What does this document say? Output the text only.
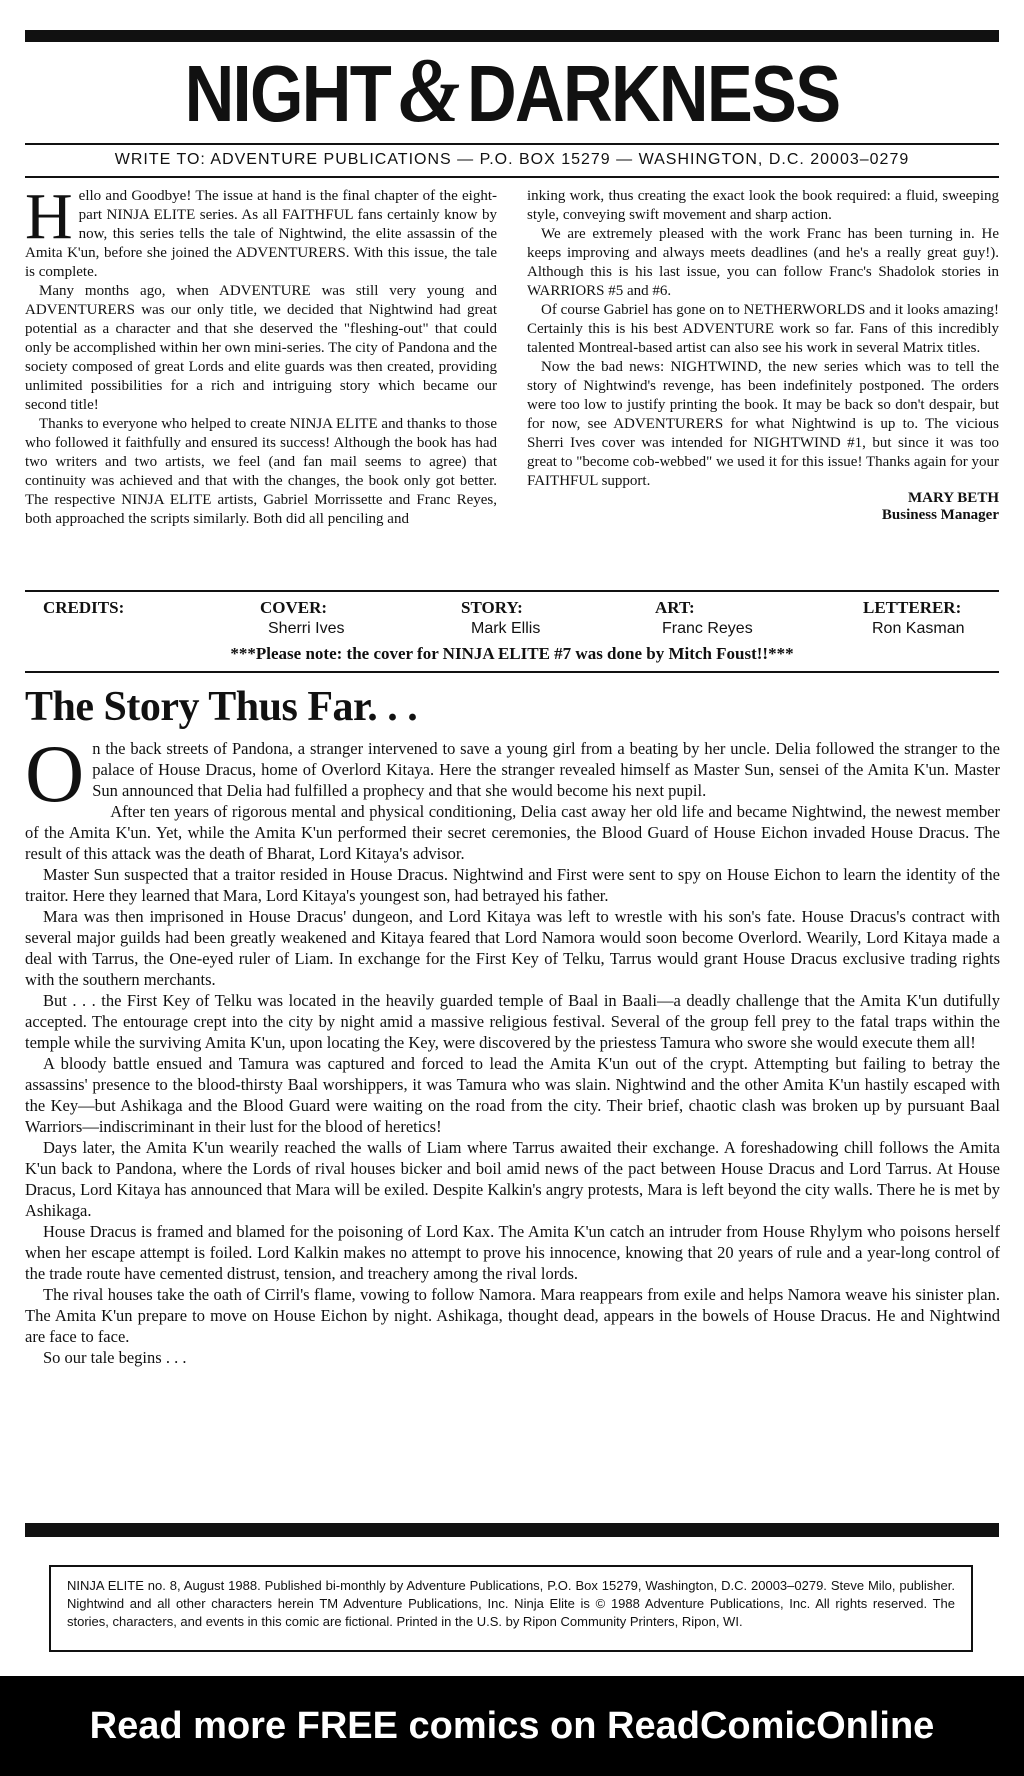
NIGHT& DARKNESS
WRITE TO: ADVENTURE PUBLICATIONS — P.O. BOX 15279 — WASHINGTON, D.C. 20003–0279

Hello and Goodbye! The issue at hand is the final chapter of the eight-part NINJA ELITE series. As all FAITHFUL fans certainly know by now, this series tells the tale of Nightwind, the elite assassin of the Amita K'un, before she joined the ADVENTURERS. With this issue, the tale is complete.

Many months ago, when ADVENTURE was still very young and ADVENTURERS was our only title, we decided that Nightwind had great potential as a character and that she deserved the "fleshing-out" that could only be accomplished within her own mini-series. The city of Pandona and the society composed of great Lords and elite guards was then created, providing unlimited possibilities for a rich and intriguing story which became our second title!

Thanks to everyone who helped to create NINJA ELITE and thanks to those who followed it faithfully and ensured its success! Although the book has had two writers and two artists, we feel (and fan mail seems to agree) that continuity was achieved and that with the changes, the book only got better. The respective NINJA ELITE artists, Gabriel Morrissette and Franc Reyes, both approached the scripts similarly. Both did all penciling and

inking work, thus creating the exact look the book required: a fluid, sweeping style, conveying swift movement and sharp action.

We are extremely pleased with the work Franc has been turning in. He keeps improving and always meets deadlines (and he's a really great guy!). Although this is his last issue, you can follow Franc's Shadolok stories in WARRIORS #5 and #6.

Of course Gabriel has gone on to NETHERWORLDS and it looks amazing! Certainly this is his best ADVENTURE work so far. Fans of this incredibly talented Montreal-based artist can also see his work in several Matrix titles.

Now the bad news: NIGHTWIND, the new series which was to tell the story of Nightwind's revenge, has been indefinitely postponed. The orders were too low to justify printing the book. It may be back so don't despair, but for now, see ADVENTURERS for what Nightwind is up to. The vicious Sherri Ives cover was intended for NIGHTWIND #1, but since it was too great to "become cob-webbed" we used it for this issue! Thanks again for your FAITHFUL support.

MARY BETH
Business Manager
CREDITS:	COVER:
Sherri Ives
STORY:
Mark Ellis
ART:
Franc Reyes
LETTERER:
Ron Kasman
***Please note: the cover for NINJA ELITE #7 was done by Mitch Foust!!***
The Story Thus Far. . .

On the back streets of Pandona, a stranger intervened to save a young girl from a beating by her uncle. Delia followed the stranger to the palace of House Dracus, home of Overlord Kitaya. Here the stranger revealed himself as Master Sun, sensei of the Amita K'un. Master Sun announced that Delia had fulfilled a prophecy and that she would become his next pupil.

After ten years of rigorous mental and physical conditioning, Delia cast away her old life and became Nightwind, the newest member of the Amita K'un. Yet, while the Amita K'un performed their secret ceremonies, the Blood Guard of House Eichon invaded House Dracus. The result of this attack was the death of Bharat, Lord Kitaya's advisor.

Master Sun suspected that a traitor resided in House Dracus. Nightwind and First were sent to spy on House Eichon to learn the identity of the traitor. Here they learned that Mara, Lord Kitaya's youngest son, had betrayed his father.

Mara was then imprisoned in House Dracus' dungeon, and Lord Kitaya was left to wrestle with his son's fate. House Dracus's contract with several major guilds had been greatly weakened and Kitaya feared that Lord Namora would soon become Overlord. Wearily, Lord Kitaya made a deal with Tarrus, the One-eyed ruler of Liam. In exchange for the First Key of Telku, Tarrus would grant House Dracus exclusive trading rights with the southern merchants.

But . . . the First Key of Telku was located in the heavily guarded temple of Baal in Baali—a deadly challenge that the Amita K'un dutifully accepted. The entourage crept into the city by night amid a massive religious festival. Several of the group fell prey to the fatal traps within the temple while the surviving Amita K'un, upon locating the Key, were discovered by the priestess Tamura who swore she would execute them all!

A bloody battle ensued and Tamura was captured and forced to lead the Amita K'un out of the crypt. Attempting but failing to betray the assassins' presence to the blood-thirsty Baal worshippers, it was Tamura who was slain. Nightwind and the other Amita K'un hastily escaped with the Key—but Ashikaga and the Blood Guard were waiting on the road from the city. Their brief, chaotic clash was broken up by pursuant Baal Warriors—indiscriminant in their lust for the blood of heretics!

Days later, the Amita K'un wearily reached the walls of Liam where Tarrus awaited their exchange. A foreshadowing chill follows the Amita K'un back to Pandona, where the Lords of rival houses bicker and boil amid news of the pact between House Dracus and Lord Tarrus. At House Dracus, Lord Kitaya has announced that Mara will be exiled. Despite Kalkin's angry protests, Mara is left beyond the city walls. There he is met by Ashikaga.

House Dracus is framed and blamed for the poisoning of Lord Kax. The Amita K'un catch an intruder from House Rhylym who poisons herself when her escape attempt is foiled. Lord Kalkin makes no attempt to prove his innocence, knowing that 20 years of rule and a year-long control of the trade route have cemented distrust, tension, and treachery among the rival lords.

The rival houses take the oath of Cirril's flame, vowing to follow Namora. Mara reappears from exile and helps Namora weave his sinister plan. The Amita K'un prepare to move on House Eichon by night. Ashikaga, thought dead, appears in the bowels of House Dracus. He and Nightwind are face to face.

So our tale begins . . .

NINJA ELITE no. 8, August 1988. Published bi-monthly by Adventure Publications, P.O. Box 15279, Washington, D.C. 20003–0279. Steve Milo, publisher. Nightwind and all other characters herein TM Adventure Publications, Inc. Ninja Elite is © 1988 Adventure Publications, Inc. All rights reserved. The stories, characters, and events in this comic are fictional. Printed in the U.S. by Ripon Community Printers, Ripon, WI.
Read more FREE comics on ReadComicOnline
